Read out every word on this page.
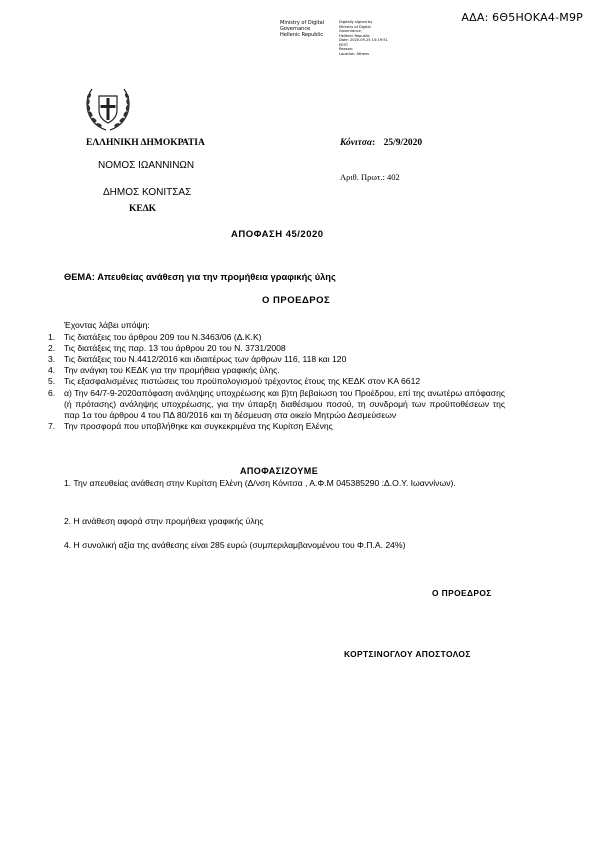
ΑΔΑ: 6Θ5ΗΟΚΑ4-Μ9Ρ
Ministry of Digital
Governance
Hellenic Republic
Digitally signed by
Ministry of Digital
Governance,
Hellenic Republic
Date: 2020.09.25 10:19:51
EEST
Reason:
Location: Athens
ΕΛΛΗΝΙΚΗ ΔΗΜΟΚΡΑΤΙΑ
ΝΟΜΟΣ ΙΩΑΝΝΙΝΩΝ
ΔΗΜΟΣ ΚΟΝΙΤΣΑΣ
ΚΕΔΚ
Κόνιτσα: 25/9/2020
Αριθ. Πρωτ.: 402
ΑΠΟΦΑΣΗ 45/2020
ΘΕΜΑ: Απευθείας ανάθεση για την προμήθεια γραφικής ύλης
Ο ΠΡΟΕΔΡΟΣ
Έχοντας λάβει υπόψη:
1. Τις διατάξεις του άρθρου 209 του Ν.3463/06 (Δ.Κ.Κ)
2. Τις διατάξεις της παρ. 13 του άρθρου 20 του Ν. 3731/2008
3. Τις διατάξεις του Ν.4412/2016 και ιδιαιτέρως των άρθρων 116, 118 και 120
4. Την ανάγκη του ΚΕΔΚ για την προμήθεια γραφικής ύλης.
5. Τις εξασφαλισμένες πιστώσεις του προϋπολογισμού τρέχοντος έτους της ΚΕΔΚ στον ΚΑ 6612
6. α) Την 64/7-9-2020απόφαση ανάληψης υποχρέωσης και β)τη βεβαίωση του Προέδρου, επί της ανωτέρω απόφασης (ή πρότασης) ανάληψης υποχρέωσης, για την ύπαρξη διαθέσιμου ποσού, τη συνδρομή των προϋποθέσεων της παρ 1α του άρθρου 4 του ΠΔ 80/2016 και τη δέσμευση στα οικείο Μητρώο Δεσμεύσεων
7. Την προσφορά που υποβλήθηκε και συγκεκριμένα της Κυρίτση Ελένης
ΑΠΟΦΑΣΙΖΟΥΜΕ
1. Την απευθείας ανάθεση στην Κυρίτση Ελένη (Δ/νση Κόνιτσα , Α.Φ.Μ 045385290 :Δ.Ο.Υ. Ιωαννίνων).
2. Η ανάθεση αφορά στην προμήθεια γραφικής ύλης
4. Η συνολική αξία της ανάθεσης είναι 285 ευρώ (συμπεριλαμβανομένου του Φ.Π.Α. 24%)
Ο ΠΡΟΕΔΡΟΣ
ΚΟΡΤΣΙΝΟΓΛΟΥ ΑΠΟΣΤΟΛΟΣ
